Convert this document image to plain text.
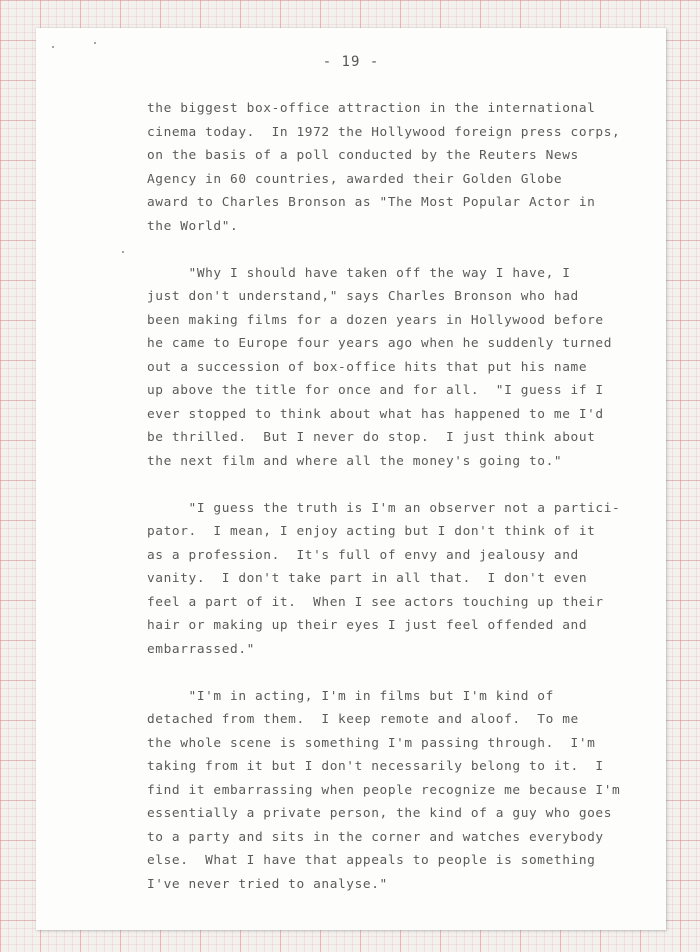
- 19 -

the biggest box-office attraction in the international
cinema today.  In 1972 the Hollywood foreign press corps,
on the basis of a poll conducted by the Reuters News
Agency in 60 countries, awarded their Golden Globe
award to Charles Bronson as "The Most Popular Actor in
the World".

"Why I should have taken off the way I have, I
just don't understand," says Charles Bronson who had
been making films for a dozen years in Hollywood before
he came to Europe four years ago when he suddenly turned
out a succession of box-office hits that put his name
up above the title for once and for all.  "I guess if I
ever stopped to think about what has happened to me I'd
be thrilled.  But I never do stop.  I just think about
the next film and where all the money's going to."

"I guess the truth is I'm an observer not a partici-
pator.  I mean, I enjoy acting but I don't think of it
as a profession.  It's full of envy and jealousy and
vanity.  I don't take part in all that.  I don't even
feel a part of it.  When I see actors touching up their
hair or making up their eyes I just feel offended and
embarrassed."

"I'm in acting, I'm in films but I'm kind of
detached from them.  I keep remote and aloof.  To me
the whole scene is something I'm passing through.  I'm
taking from it but I don't necessarily belong to it.  I
find it embarrassing when people recognize me because I'm
essentially a private person, the kind of a guy who goes
to a party and sits in the corner and watches everybody
else.  What I have that appeals to people is something
I've never tried to analyse."
